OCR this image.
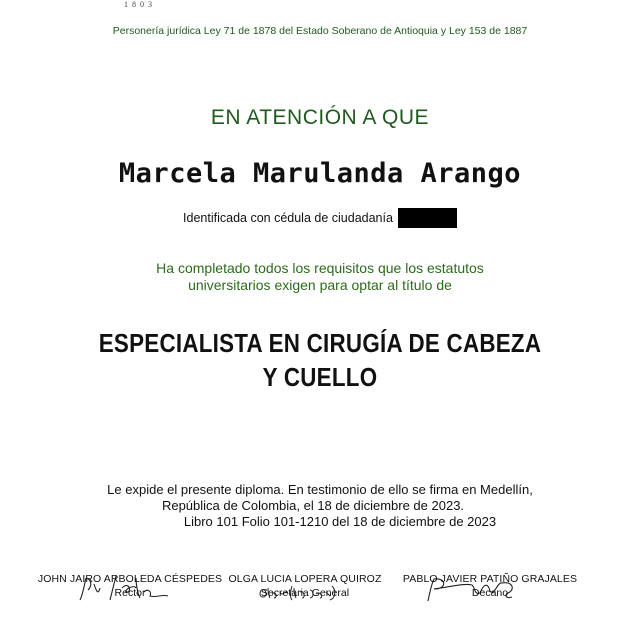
1803
Personería jurídica Ley 71 de 1878 del Estado Soberano de Antioquia y Ley 153 de 1887
EN ATENCIÓN A QUE
Marcela Marulanda Arango
Identificada con cédula de ciudadanía
Ha completado todos los requisitos que los estatutos
universitarios exigen para optar al título de
ESPECIALISTA EN CIRUGÍA DE CABEZA
Y CUELLO
Le expide el presente diploma. En testimonio de ello se firma en Medellín,
República de Colombia, el 18 de diciembre de 2023.
Libro 101 Folio 101-1210 del 18 de diciembre de 2023
JOHN JAIRO ARBOLEDA CÉSPEDES
Rector
OLGA LUCIA LOPERA QUIROZ
Secretaria General
PABLO JAVIER PATIÑO GRAJALES
Decano
